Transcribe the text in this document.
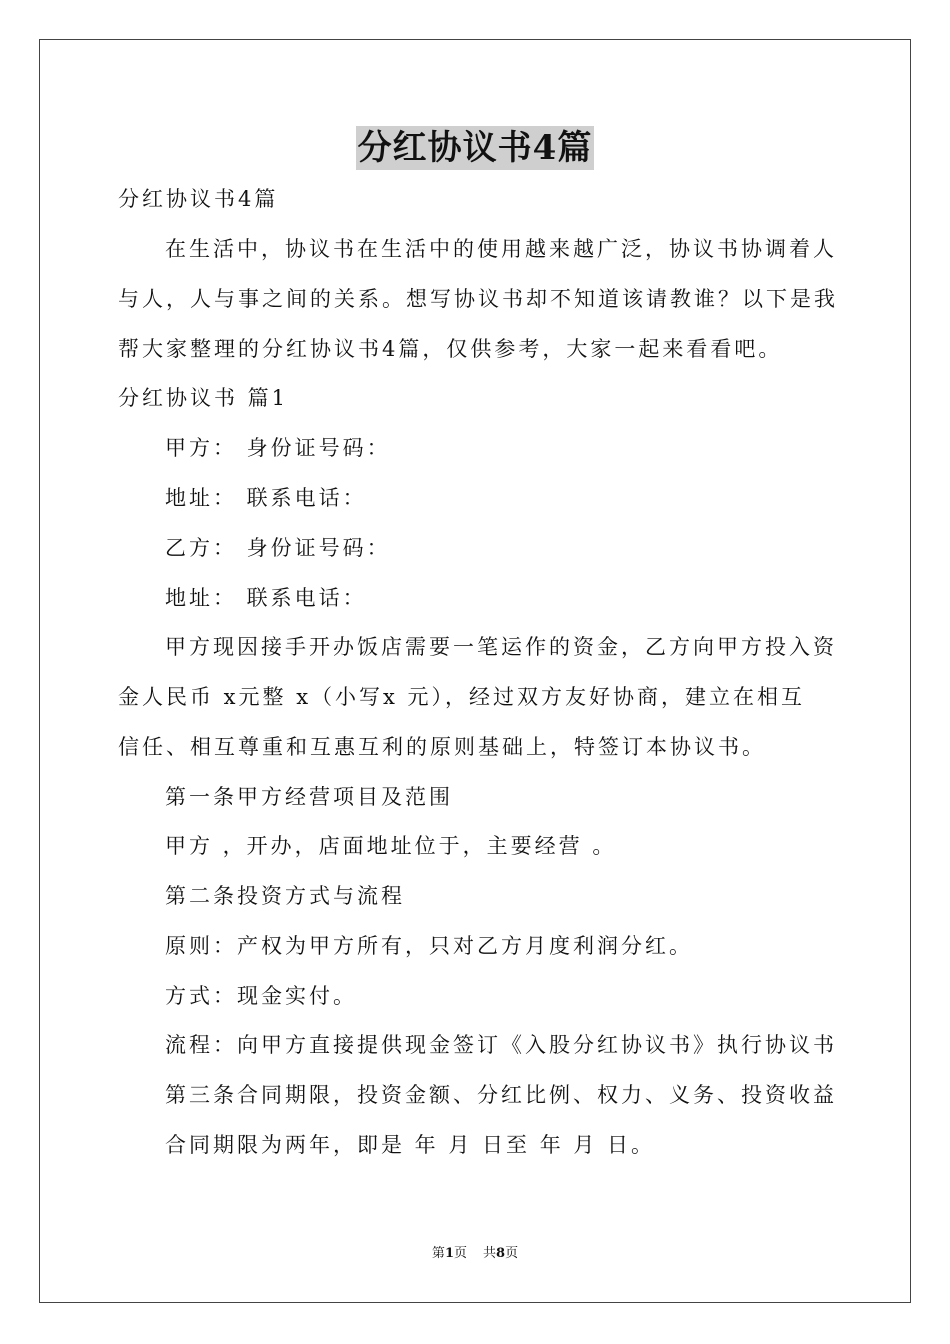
分红协议书4篇
分红协议书4篇
在生活中，协议书在生活中的使用越来越广泛，协议书协调着人
与人，人与事之间的关系。想写协议书却不知道该请教谁？以下是我
帮大家整理的分红协议书4篇，仅供参考，大家一起来看看吧。
分红协议书 篇1
甲方： 身份证号码：
地址： 联系电话：
乙方： 身份证号码：
地址： 联系电话：
甲方现因接手开办饭店需要一笔运作的资金，乙方向甲方投入资
金人民币 x元整 x（小写x 元），经过双方友好协商，建立在相互
信任、相互尊重和互惠互利的原则基础上，特签订本协议书。
第一条甲方经营项目及范围
甲方 ，开办，店面地址位于，主要经营 。
第二条投资方式与流程
原则：产权为甲方所有，只对乙方月度利润分红。
方式：现金实付。
流程：向甲方直接提供现金签订《入股分红协议书》执行协议书
第三条合同期限，投资金额、分红比例、权力、义务、投资收益
合同期限为两年，即是 年 月 日至 年 月 日。
第1页 共8页
